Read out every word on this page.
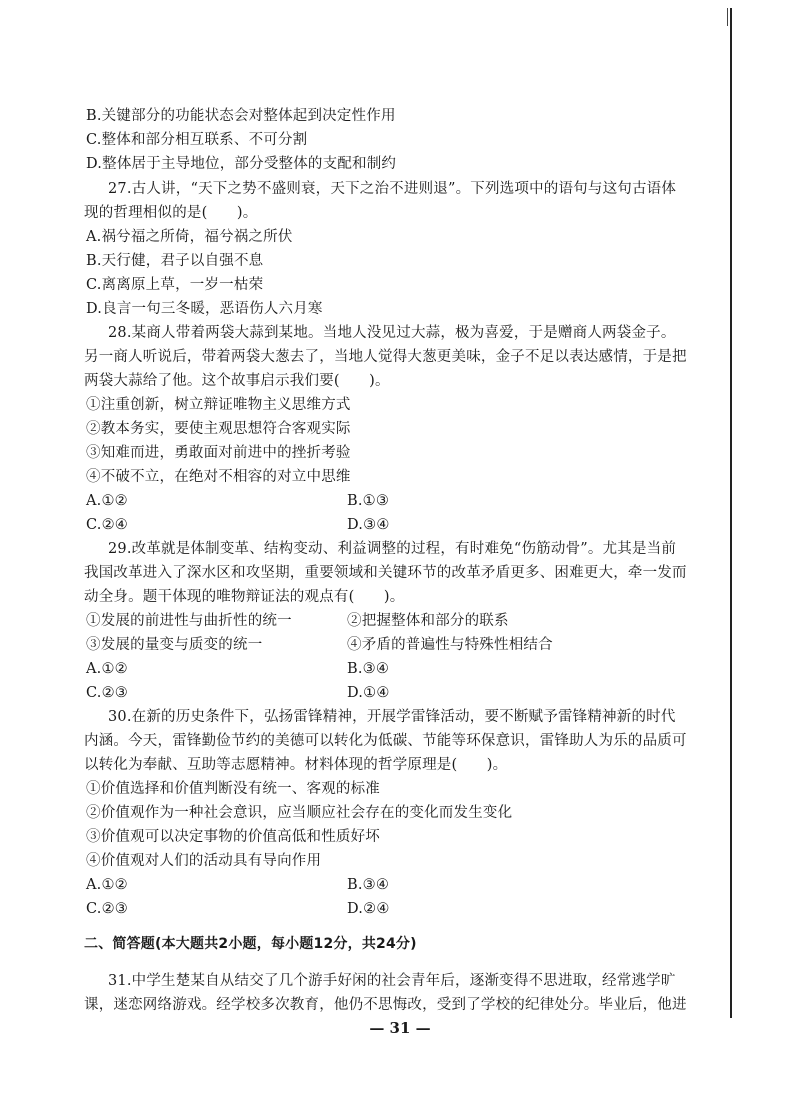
B.关键部分的功能状态会对整体起到决定性作用
C.整体和部分相互联系、不可分割
D.整体居于主导地位，部分受整体的支配和制约
27.古人讲，“天下之势不盛则衰，天下之治不进则退”。下列选项中的语句与这句古语体
现的哲理相似的是(　　)。
A.祸兮福之所倚，福兮祸之所伏
B.天行健，君子以自强不息
C.离离原上草，一岁一枯荣
D.良言一句三冬暖，恶语伤人六月寒
28.某商人带着两袋大蒜到某地。当地人没见过大蒜，极为喜爱，于是赠商人两袋金子。
另一商人听说后，带着两袋大葱去了，当地人觉得大葱更美味，金子不足以表达感情，于是把
两袋大蒜给了他。这个故事启示我们要(　　)。
①注重创新，树立辩证唯物主义思维方式
②教本务实，要使主观思想符合客观实际
③知难而进，勇敢面对前进中的挫折考验
④不破不立，在绝对不相容的对立中思维
A.①②	B.①③
C.②④	D.③④
29.改革就是体制变革、结构变动、利益调整的过程，有时难免“伤筋动骨”。尤其是当前
我国改革进入了深水区和攻坚期，重要领域和关键环节的改革矛盾更多、困难更大，牵一发而
动全身。题干体现的唯物辩证法的观点有(　　)。
①发展的前进性与曲折性的统一	②把握整体和部分的联系
③发展的量变与质变的统一	④矛盾的普遍性与特殊性相结合
A.①②	B.③④
C.②③	D.①④
30.在新的历史条件下，弘扬雷锋精神，开展学雷锋活动，要不断赋予雷锋精神新的时代
内涵。今天，雷锋勤俭节约的美德可以转化为低碳、节能等环保意识，雷锋助人为乐的品质可
以转化为奉献、互助等志愿精神。材料体现的哲学原理是(　　)。
①价值选择和价值判断没有统一、客观的标准
②价值观作为一种社会意识，应当顺应社会存在的变化而发生变化
③价值观可以决定事物的价值高低和性质好坏
④价值观对人们的活动具有导向作用
A.①②	B.③④
C.②③	D.②④
二、简答题(本大题共2小题，每小题12分，共24分)
31.中学生楚某自从结交了几个游手好闲的社会青年后，逐渐变得不思进取，经常逃学旷
课，迷恋网络游戏。经学校多次教育，他仍不思悔改，受到了学校的纪律处分。毕业后，他进
— 31 —
